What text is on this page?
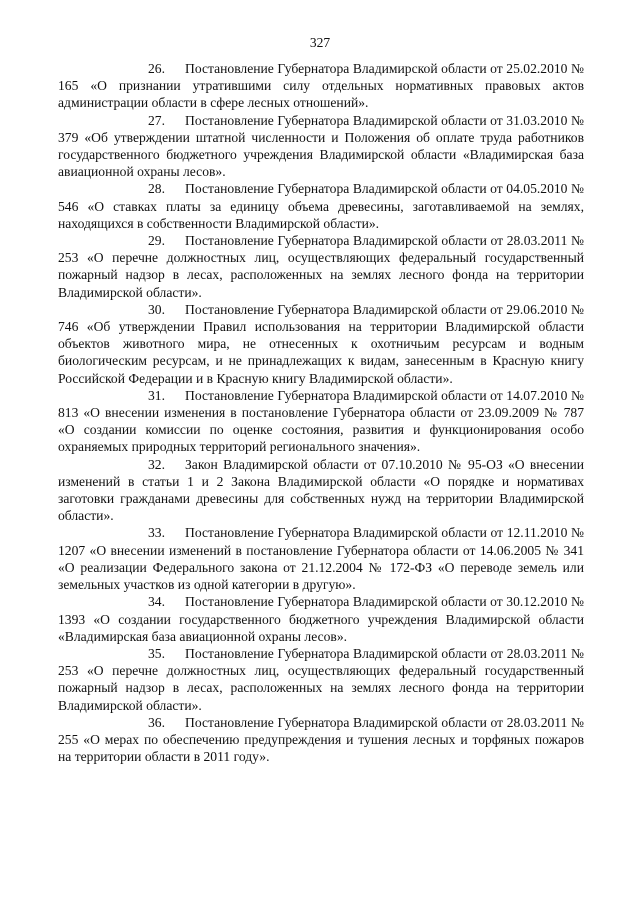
327

26. Постановление Губернатора Владимирской области от 25.02.2010 № 165 «О признании утратившими силу отдельных нормативных правовых актов администрации области в сфере лесных отношений».

27. Постановление Губернатора Владимирской области от 31.03.2010 № 379 «Об утверждении штатной численности и Положения об оплате труда работников государственного бюджетного учреждения Владимирской области «Владимирская база авиационной охраны лесов».

28. Постановление Губернатора Владимирской области от 04.05.2010 № 546 «О ставках платы за единицу объема древесины, заготавливаемой на землях, находящихся в собственности Владимирской области».

29. Постановление Губернатора Владимирской области от 28.03.2011 № 253 «О перечне должностных лиц, осуществляющих федеральный государственный пожарный надзор в лесах, расположенных на землях лесного фонда на территории Владимирской области».

30. Постановление Губернатора Владимирской области от 29.06.2010 № 746 «Об утверждении Правил использования на территории Владимирской области объектов животного мира, не отнесенных к охотничьим ресурсам и водным биологическим ресурсам, и не принадлежащих к видам, занесенным в Красную книгу Российской Федерации и в Красную книгу Владимирской области».

31. Постановление Губернатора Владимирской области от 14.07.2010 № 813 «О внесении изменения в постановление Губернатора области от 23.09.2009 № 787 «О создании комиссии по оценке состояния, развития и функционирования особо охраняемых природных территорий регионального значения».

32. Закон Владимирской области от 07.10.2010 № 95-ОЗ «О внесении изменений в статьи 1 и 2 Закона Владимирской области «О порядке и нормативах заготовки гражданами древесины для собственных нужд на территории Владимирской области».

33. Постановление Губернатора Владимирской области от 12.11.2010 № 1207 «О внесении изменений в постановление Губернатора области от 14.06.2005 № 341 «О реализации Федерального закона от 21.12.2004 № 172-ФЗ «О переводе земель или земельных участков из одной категории в другую».

34. Постановление Губернатора Владимирской области от 30.12.2010 № 1393 «О создании государственного бюджетного учреждения Владимирской области «Владимирская база авиационной охраны лесов».

35. Постановление Губернатора Владимирской области от 28.03.2011 № 253 «О перечне должностных лиц, осуществляющих федеральный государственный пожарный надзор в лесах, расположенных на землях лесного фонда на территории Владимирской области».

36. Постановление Губернатора Владимирской области от 28.03.2011 № 255 «О мерах по обеспечению предупреждения и тушения лесных и торфяных пожаров на территории области в 2011 году».
